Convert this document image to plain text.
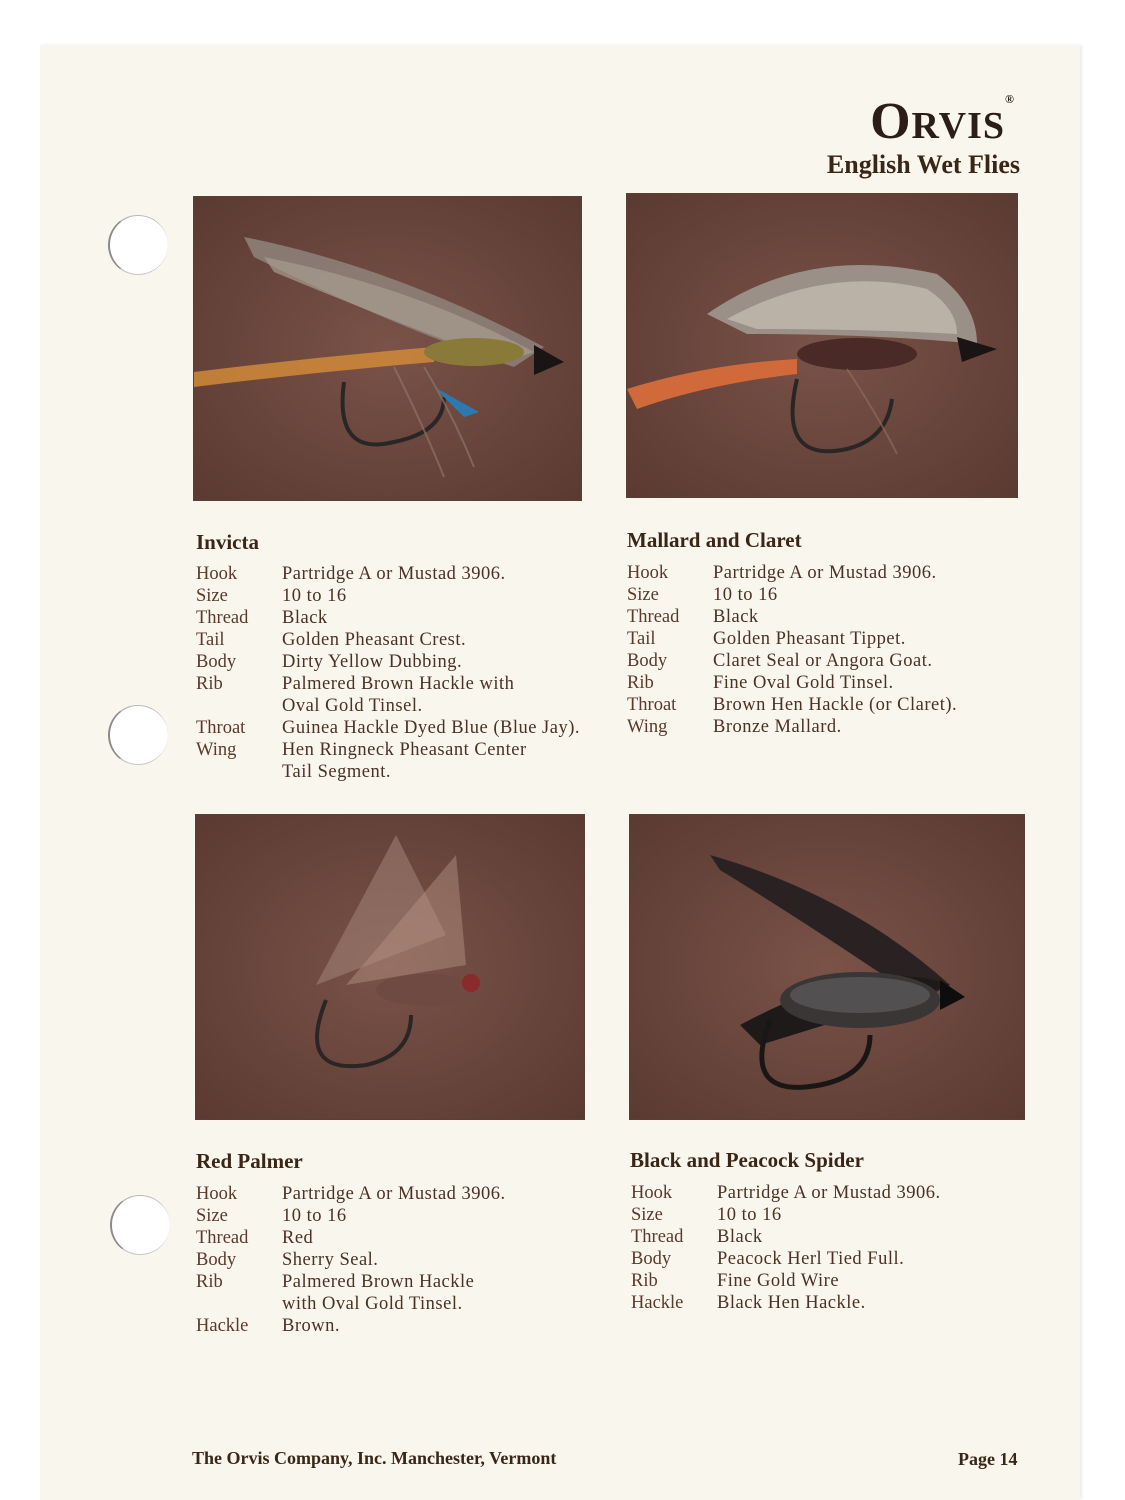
ORVIS®
English Wet Flies
Invicta	Mallard and Claret
Red Palmer	Black and Peacock Spider
Hook	Partridge A or Mustad 3906.
Size	10 to 16
Thread	Black
Tail	Golden Pheasant Crest.
Body	Dirty Yellow Dubbing.
Rib	Palmered Brown Hackle with
Oval Gold Tinsel.
Throat	Guinea Hackle Dyed Blue (Blue Jay).
Wing	Hen Ringneck Pheasant Center
Tail Segment.
Hook	Partridge A or Mustad 3906.
Size	10 to 16
Thread	Black
Tail	Golden Pheasant Tippet.
Body	Claret Seal or Angora Goat.
Rib	Fine Oval Gold Tinsel.
Throat	Brown Hen Hackle (or Claret).
Wing	Bronze Mallard.
Hook	Partridge A or Mustad 3906.
Size	10 to 16
Thread	Red
Body	Sherry Seal.
Rib	Palmered Brown Hackle
with Oval Gold Tinsel.
Hackle	Brown.
Hook	Partridge A or Mustad 3906.
Size	10 to 16
Thread	Black
Body	Peacock Herl Tied Full.
Rib	Fine Gold Wire
Hackle	Black Hen Hackle.
The Orvis Company, Inc. Manchester, Vermont	Page 14
